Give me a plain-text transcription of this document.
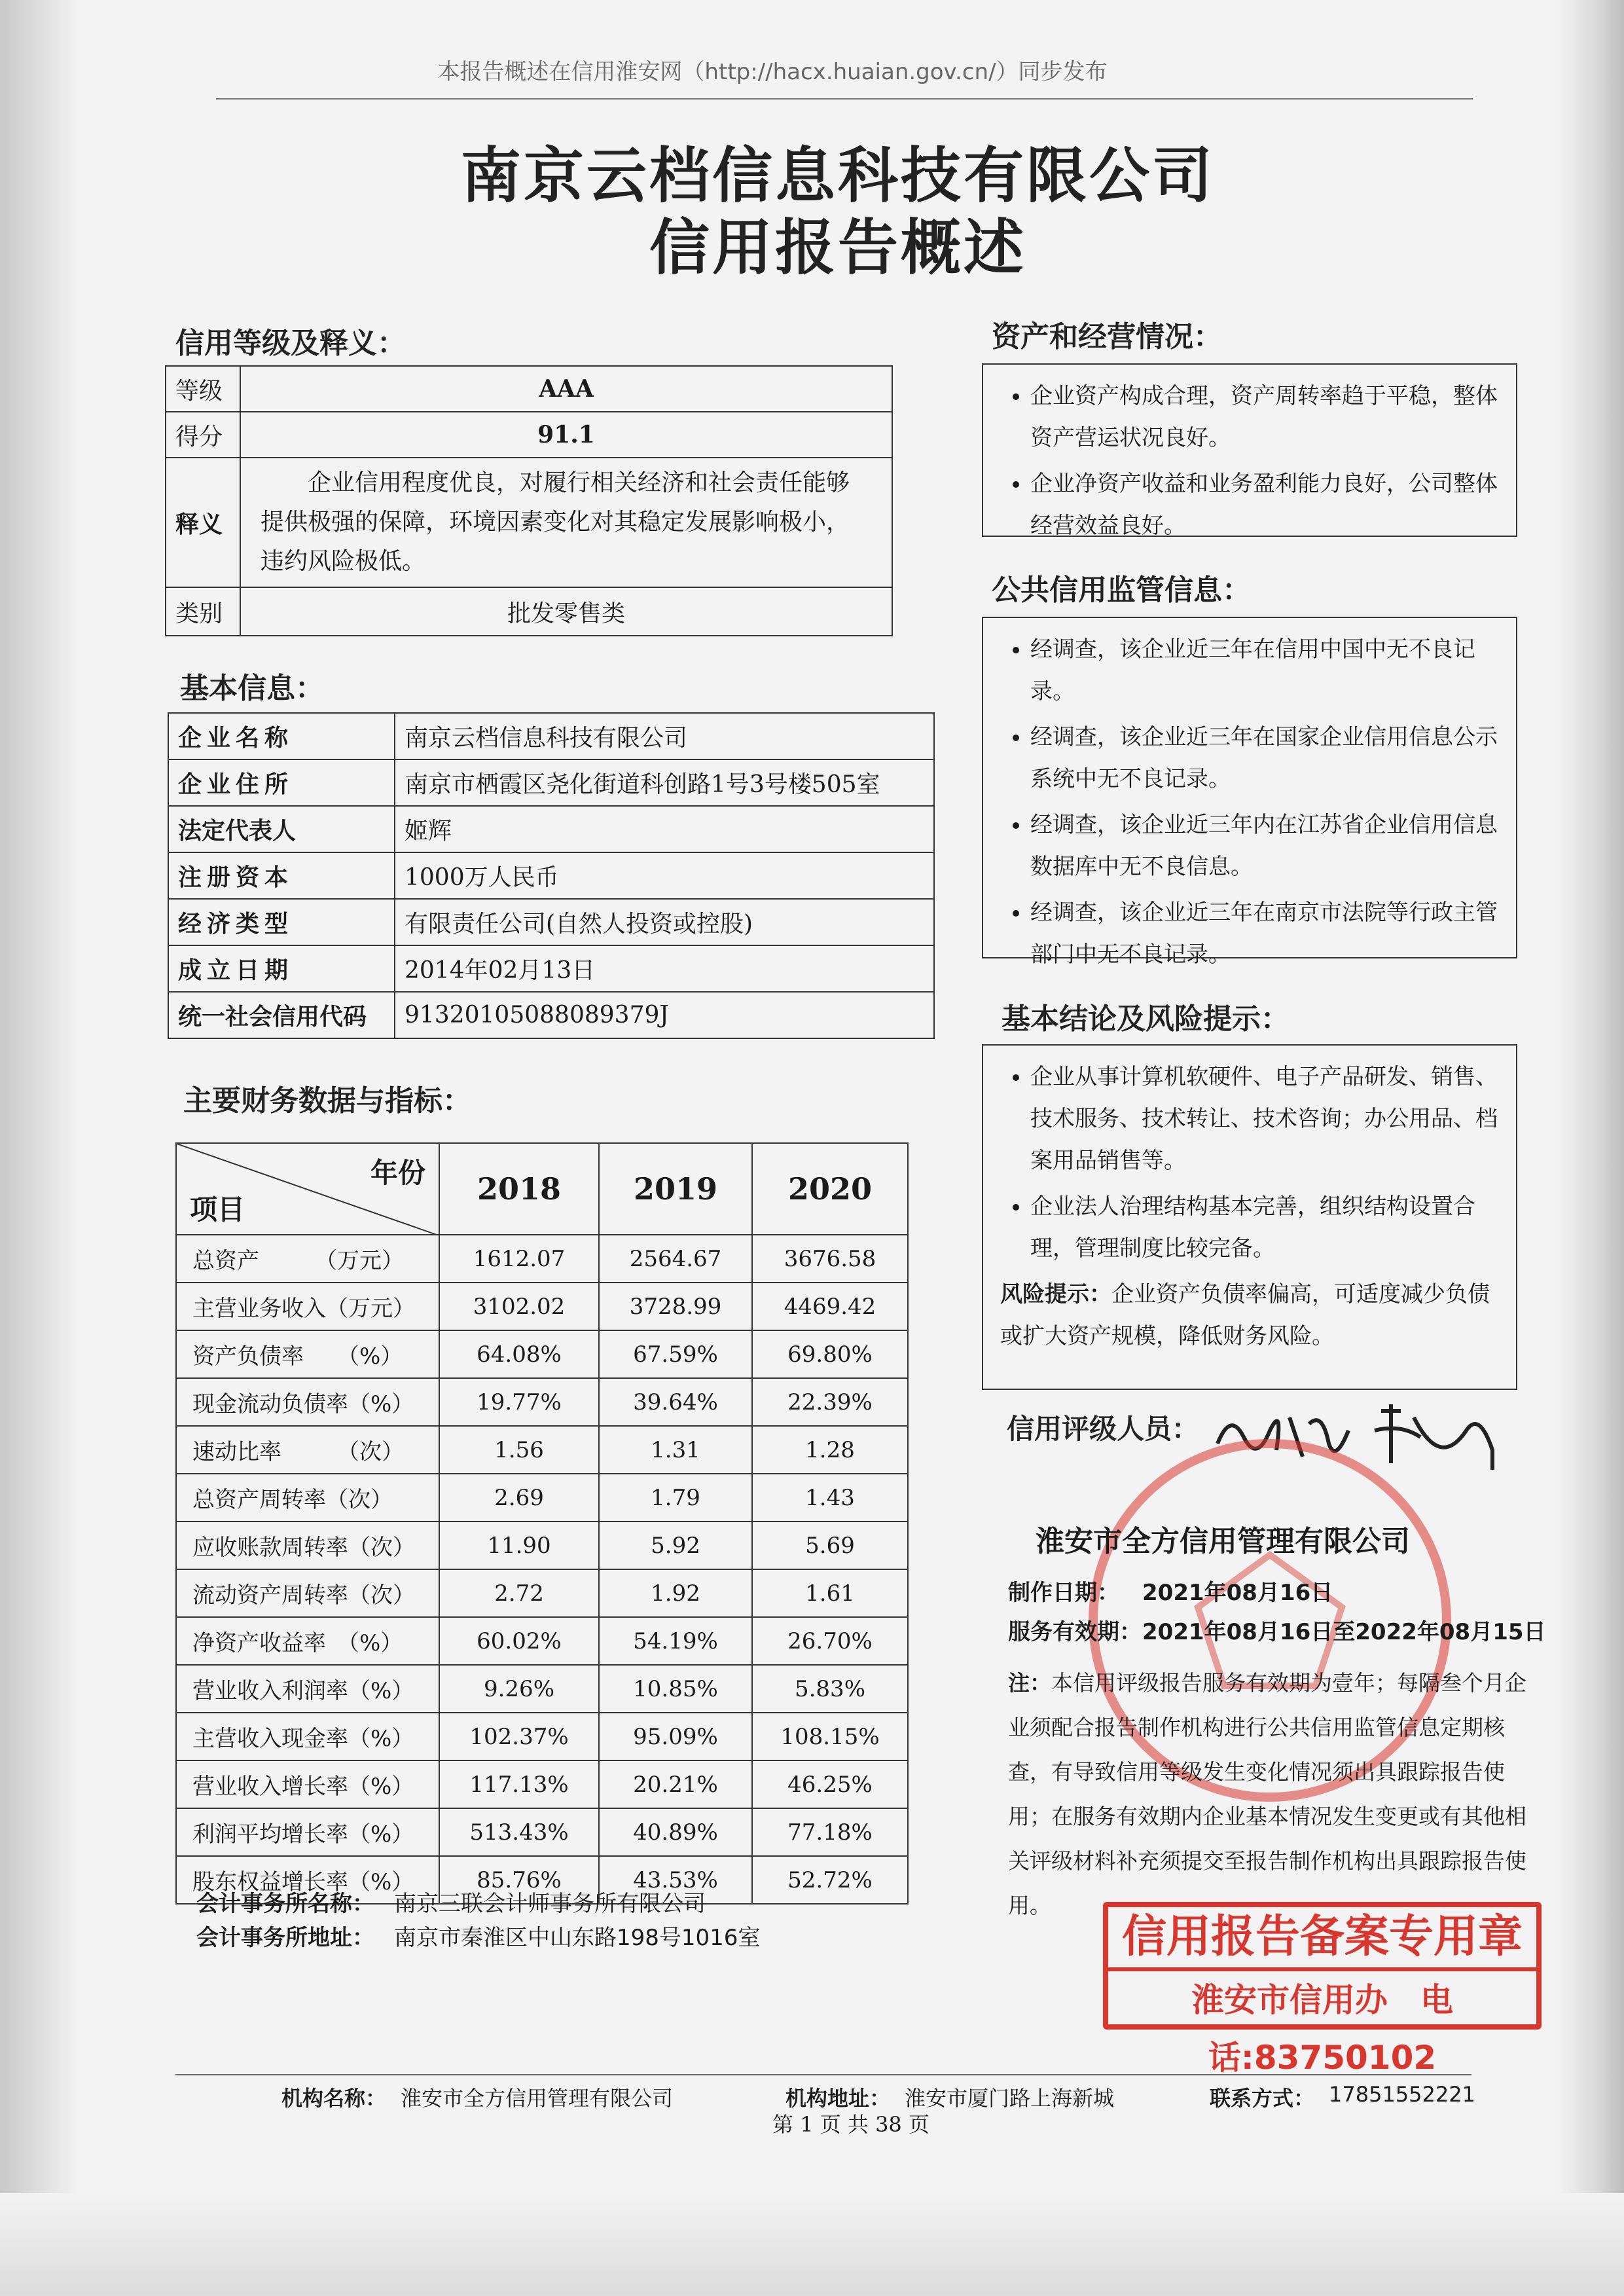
本报告概述在信用淮安网（http://hacx.huaian.gov.cn/）同步发布
南京云档信息科技有限公司
信用报告概述
信用等级及释义：
等级	AAA
得分	91.1
释义	企业信用程度优良，对履行相关经济和社会责任能够提供极强的保障，环境因素变化对其稳定发展影响极小，违约风险极低。
类别	批发零售类
基本信息：
企业名称	南京云档信息科技有限公司
企业住所	南京市栖霞区尧化街道科创路1号3号楼505室
法定代表人	姬辉
注册资本	1000万人民币
经济类型	有限责任公司(自然人投资或控股)
成立日期	2014年02月13日
统一社会信用代码	91320105088089379J
主要财务数据与指标：
年份
项目	2018	2019	2020
总资产　　　（万元）	1612.07	2564.67	3676.58
主营业务收入（万元）	3102.02	3728.99	4469.42
资产负债率　　（%）	64.08%	67.59%	69.80%
现金流动负债率（%）	19.77%	39.64%	22.39%
速动比率　　　（次）	1.56	1.31	1.28
总资产周转率（次）	2.69	1.79	1.43
应收账款周转率（次）	11.90	5.92	5.69
流动资产周转率（次）	2.72	1.92	1.61
净资产收益率　（%）	60.02%	54.19%	26.70%
营业收入利润率（%）	9.26%	10.85%	5.83%
主营收入现金率（%）	102.37%	95.09%	108.15%
营业收入增长率（%）	117.13%	20.21%	46.25%
利润平均增长率（%）	513.43%	40.89%	77.18%
股东权益增长率（%）	85.76%	43.53%	52.72%
会计事务所名称： 南京三联会计师事务所有限公司
会计事务所地址： 南京市秦淮区中山东路198号1016室
资产和经营情况：
• 企业资产构成合理，资产周转率趋于平稳，整体资产营运状况良好。
• 企业净资产收益和业务盈利能力良好，公司整体经营效益良好。
公共信用监管信息：
• 经调查，该企业近三年在信用中国中无不良记录。
• 经调查，该企业近三年在国家企业信用信息公示系统中无不良记录。
• 经调查，该企业近三年内在江苏省企业信用信息数据库中无不良信息。
• 经调查，该企业近三年在南京市法院等行政主管部门中无不良记录。
基本结论及风险提示：
• 企业从事计算机软硬件、电子产品研发、销售、技术服务、技术转让、技术咨询；办公用品、档案用品销售等。
• 企业法人治理结构基本完善，组织结构设置合理，管理制度比较完备。
风险提示：企业资产负债率偏高，可适度减少负债或扩大资产规模，降低财务风险。
信用评级人员：
淮安市全方信用管理有限公司
制作日期： 2021年08月16日
服务有效期： 2021年08月16日至2022年08月15日
注：本信用评级报告服务有效期为壹年；每隔叁个月企业须配合报告制作机构进行公共信用监管信息定期核查，有导致信用等级发生变化情况须出具跟踪报告使用；在服务有效期内企业基本情况发生变更或有其他相关评级材料补充须提交至报告制作机构出具跟踪报告使用。
信用报告备案专用章
淮安市信用办　电话:83750102
机构名称： 淮安市全方信用管理有限公司	机构地址： 淮安市厦门路上海新城	联系方式： 17851552221
第 1 页 共 38 页
